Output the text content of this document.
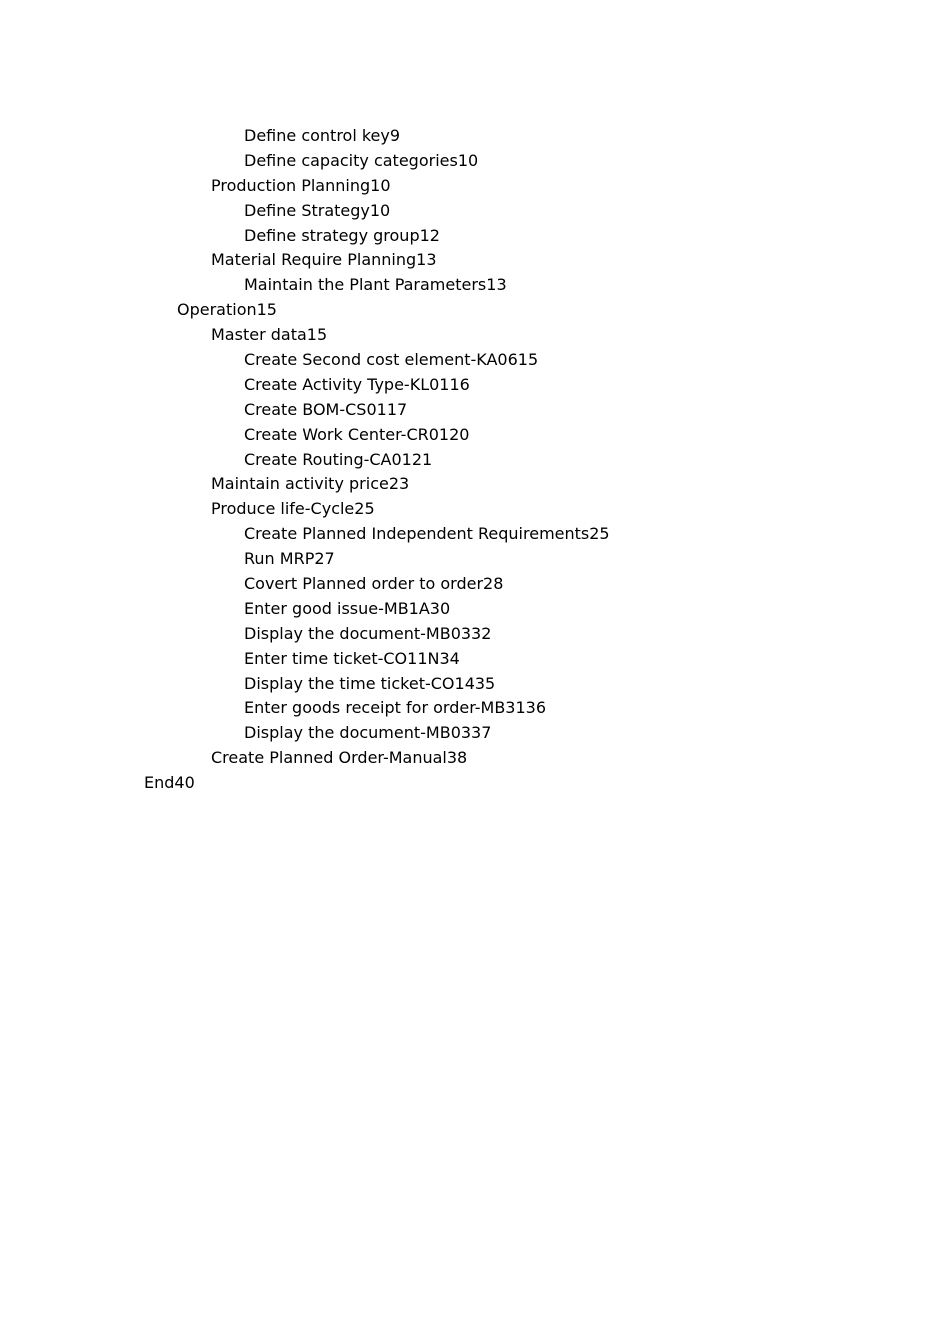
Define control key9
Define capacity categories10
Production Planning10
Define Strategy10
Define strategy group12
Material Require Planning13
Maintain the Plant Parameters13
Operation15
Master data15
Create Second cost element-KA0615
Create Activity Type-KL0116
Create BOM-CS0117
Create Work Center-CR0120
Create Routing-CA0121
Maintain activity price23
Produce life-Cycle25
Create Planned Independent Requirements25
Run MRP27
Covert Planned order to order28
Enter good issue-MB1A30
Display the document-MB0332
Enter time ticket-CO11N34
Display the time ticket-CO1435
Enter goods receipt for order-MB3136
Display the document-MB0337
Create Planned Order-Manual38
End40
